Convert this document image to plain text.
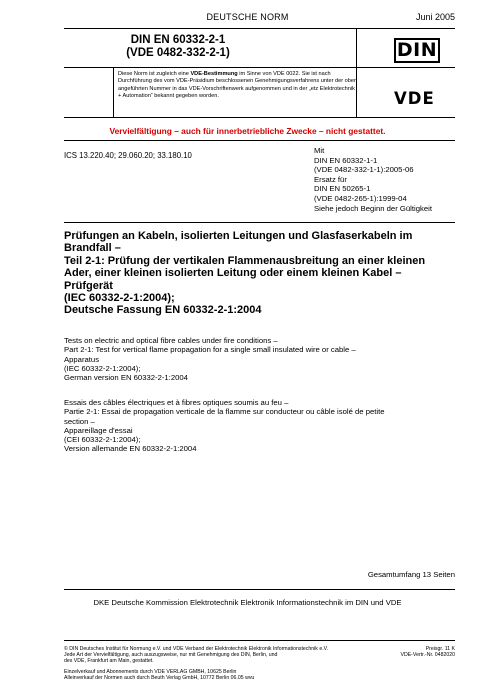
DEUTSCHE NORM	Juni 2005
DIN EN 60332-2-1
(VDE 0482-332-2-1)
Diese Norm ist zugleich eine VDE-Bestimmung im Sinne von VDE 0022. Sie ist nach Durchführung des vom VDE-Präsidium beschlossenen Genehmigungsverfahrens unter der oben angeführten Nummer in das VDE-Vorschriftenwerk aufgenommen und in der „etz Elektrotechnik + Automation“ bekannt gegeben worden.
DIN
VDE
Vervielfältigung – auch für innerbetriebliche Zwecke – nicht gestattet.
ICS 13.220.40; 29.060.20; 33.180.10
Mit
DIN EN 60332-1-1
(VDE 0482-332-1-1):2005-06
Ersatz für
DIN EN 50265-1
(VDE 0482-265-1):1999-04
Siehe jedoch Beginn der Gültigkeit
Prüfungen an Kabeln, isolierten Leitungen und Glasfaserkabeln im
Brandfall –
Teil 2-1: Prüfung der vertikalen Flammenausbreitung an einer kleinen
Ader, einer kleinen isolierten Leitung oder einem kleinen Kabel –
Prüfgerät
(IEC 60332-2-1:2004);
Deutsche Fassung EN 60332-2-1:2004
Tests on electric and optical fibre cables under fire conditions –
Part 2-1: Test for vertical flame propagation for a single small insulated wire or cable –
Apparatus
(IEC 60332-2-1:2004);
German version EN 60332-2-1:2004
Essais des câbles électriques et à fibres optiques soumis au feu –
Partie 2-1: Essai de propagation verticale de la flamme sur conducteur ou câble isolé de petite
section –
Appareillage d'essai
(CEI 60332-2-1:2004);
Version allemande EN 60332-2-1:2004
Gesamtumfang 13 Seiten
DKE Deutsche Kommission Elektrotechnik Elektronik Informationstechnik im DIN und VDE
© DIN Deutsches Institut für Normung e.V. und VDE Verband der Elektrotechnik Elektronik Informationstechnik e.V.
Jede Art der Vervielfältigung, auch auszugsweise, nur mit Genehmigung des DIN, Berlin, und
des VDE, Frankfurt am Main, gestattet.
Einzelverkauf und Abonnements durch VDE VERLAG GMBH, 10625 Berlin
Alleinverkauf der Normen auch durch Beuth Verlag GmbH, 10772 Berlin 06.05 wvu
Preisgr. 11 K
VDE-Vertr.-Nr. 0482020
